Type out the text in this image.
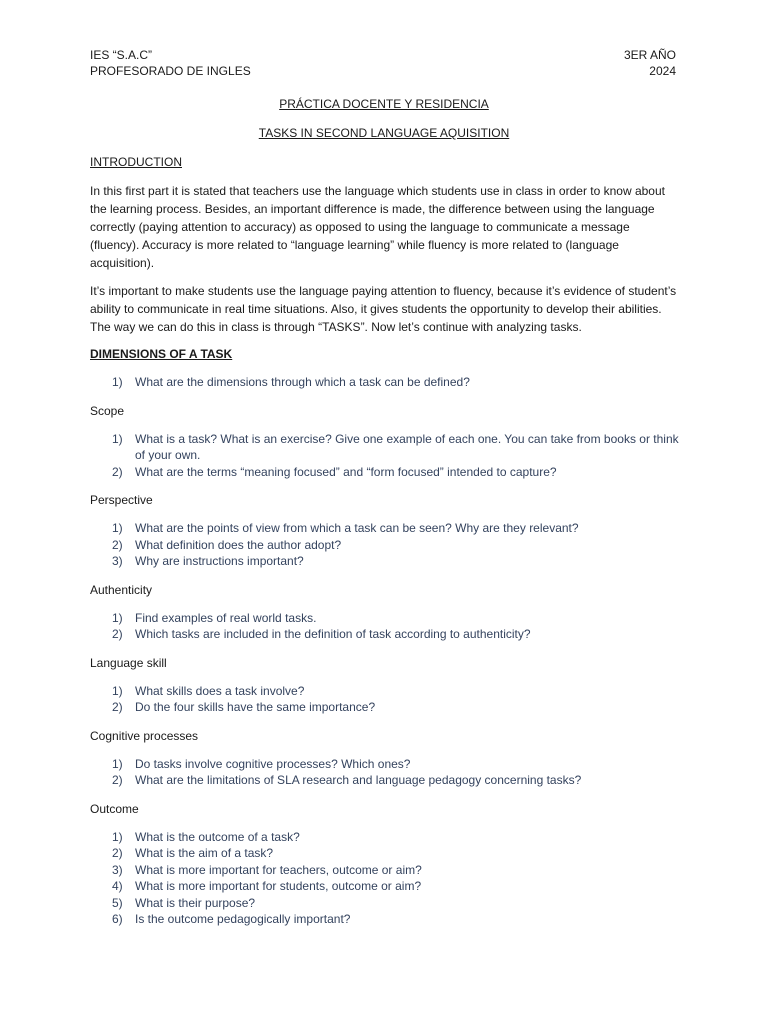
IES “S.A.C”
PROFESORADO DE INGLES
3ER AÑO
2024
PRÁCTICA DOCENTE Y RESIDENCIA
TASKS IN SECOND LANGUAGE AQUISITION
INTRODUCTION

In this first part it is stated that teachers use the language which students use in class in order to know about the learning process. Besides, an important difference is made, the difference between using the language correctly (paying attention to accuracy) as opposed to using the language to communicate a message (fluency). Accuracy is more related to “language learning” while fluency is more related to (language acquisition).

It’s important to make students use the language paying attention to fluency, because it’s evidence of student’s ability to communicate in real time situations. Also, it gives students the opportunity to develop their abilities. The way we can do this in class is through “TASKS”. Now let’s continue with analyzing tasks.

DIMENSIONS OF A TASK
1) What are the dimensions through which a task can be defined?
Scope
1) What is a task? What is an exercise? Give one example of each one. You can take from books or think of your own.
2) What are the terms “meaning focused” and “form focused” intended to capture?
Perspective
1) What are the points of view from which a task can be seen? Why are they relevant?
2) What definition does the author adopt?
3) Why are instructions important?
Authenticity
1) Find examples of real world tasks.
2) Which tasks are included in the definition of task according to authenticity?
Language skill
1) What skills does a task involve?
2) Do the four skills have the same importance?
Cognitive processes
1) Do tasks involve cognitive processes? Which ones?
2) What are the limitations of SLA research and language pedagogy concerning tasks?
Outcome
1) What is the outcome of a task?
2) What is the aim of a task?
3) What is more important for teachers, outcome or aim?
4) What is more important for students, outcome or aim?
5) What is their purpose?
6) Is the outcome pedagogically important?
